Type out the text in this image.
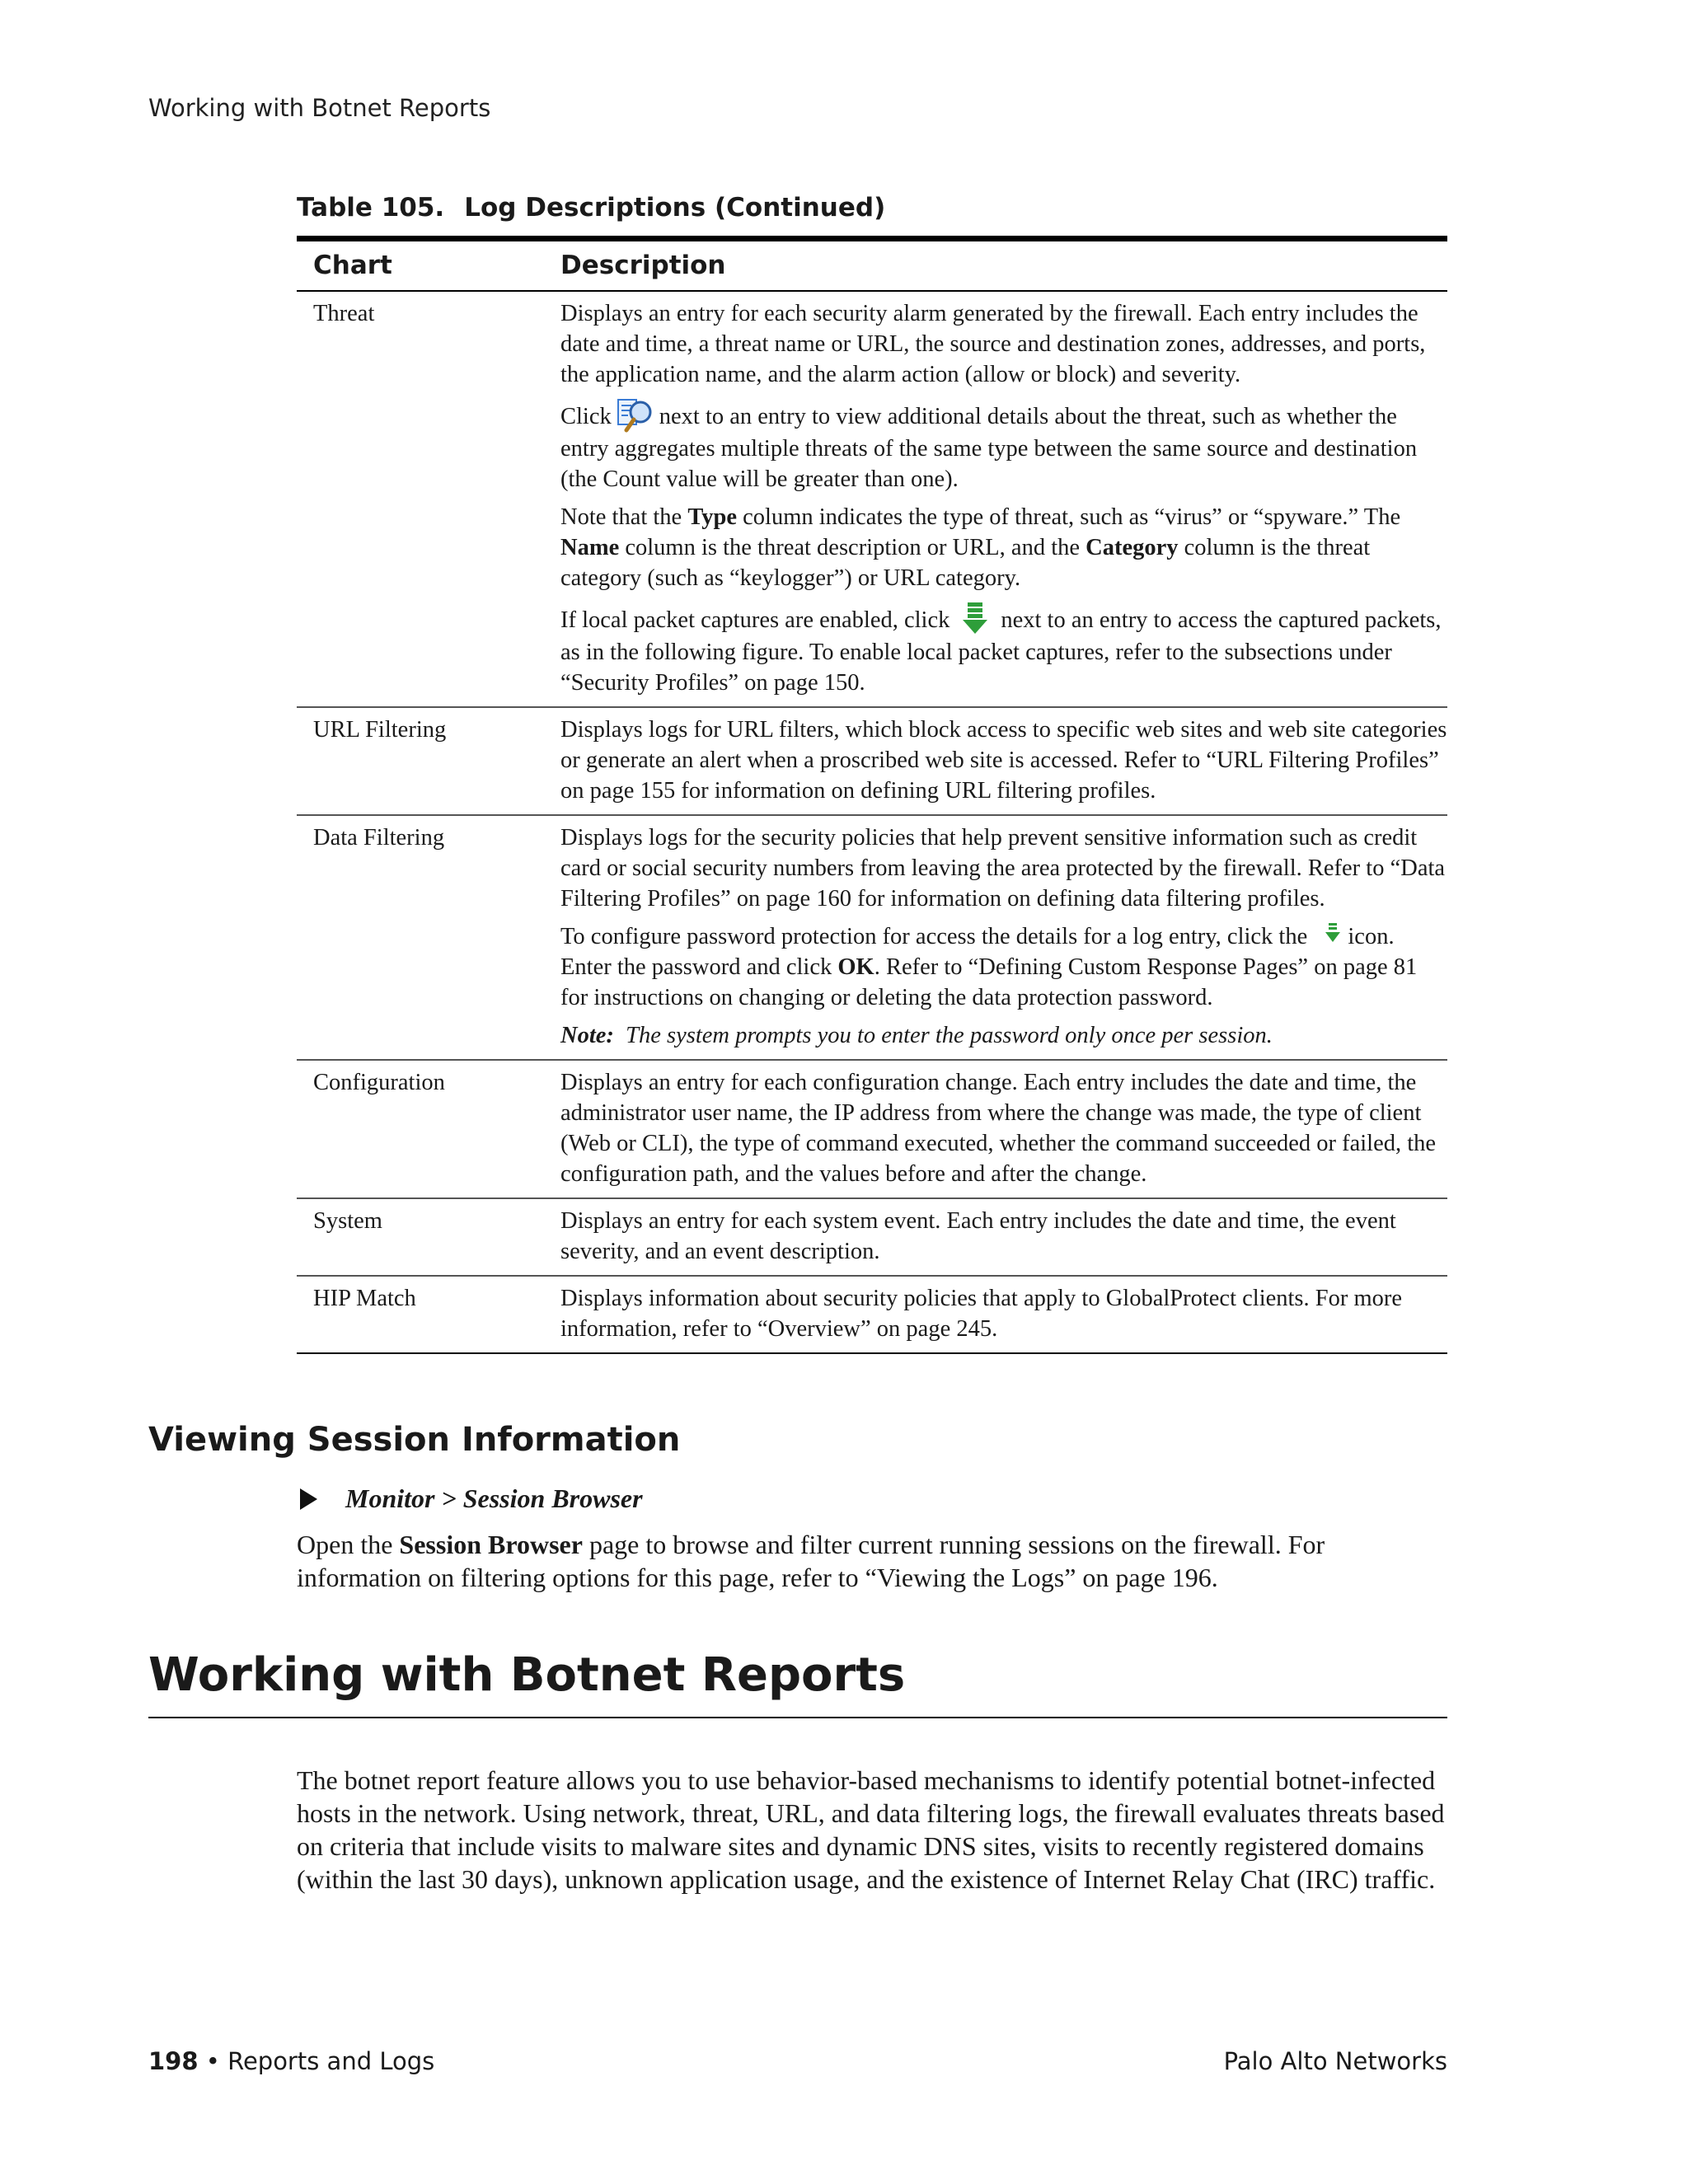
Working with Botnet Reports
Table 105. Log Descriptions (Continued)
Chart	Description
Threat	Displays an entry for each security alarm generated by the firewall. Each entry includes the date and time, a threat name or URL, the source and destination zones, addresses, and ports, the application name, and the alarm action (allow or block) and severity.
Click next to an entry to view additional details about the threat, such as whether the entry aggregates multiple threats of the same type between the same source and destination (the Count value will be greater than one).
Note that the Type column indicates the type of threat, such as “virus” or “spyware.” The Name column is the threat description or URL, and the Category column is the threat category (such as “keylogger”) or URL category.
If local packet captures are enabled, click next to an entry to access the captured packets, as in the following figure. To enable local packet captures, refer to the subsections under “Security Profiles” on page 150.

URL Filtering	Displays logs for URL filters, which block access to specific web sites and web site categories or generate an alert when a proscribed web site is accessed. Refer to “URL Filtering Profiles” on page 155 for information on defining URL filtering profiles.

Data Filtering	Displays logs for the security policies that help prevent sensitive information such as credit card or social security numbers from leaving the area protected by the firewall. Refer to “Data Filtering Profiles” on page 160 for information on defining data filtering profiles.
To configure password protection for access the details for a log entry, click the icon. Enter the password and click OK. Refer to “Defining Custom Response Pages” on page 81 for instructions on changing or deleting the data protection password.
Note: The system prompts you to enter the password only once per session.

Configuration	Displays an entry for each configuration change. Each entry includes the date and time, the administrator user name, the IP address from where the change was made, the type of client (Web or CLI), the type of command executed, whether the command succeeded or failed, the configuration path, and the values before and after the change.

System	Displays an entry for each system event. Each entry includes the date and time, the event severity, and an event description.

HIP Match	Displays information about security policies that apply to GlobalProtect clients. For more information, refer to “Overview” on page 245.
Viewing Session Information
Monitor > Session Browser
Open the Session Browser page to browse and filter current running sessions on the firewall. For information on filtering options for this page, refer to “Viewing the Logs” on page 196.
Working with Botnet Reports
The botnet report feature allows you to use behavior-based mechanisms to identify potential botnet-infected hosts in the network. Using network, threat, URL, and data filtering logs, the firewall evaluates threats based on criteria that include visits to malware sites and dynamic DNS sites, visits to recently registered domains (within the last 30 days), unknown application usage, and the existence of Internet Relay Chat (IRC) traffic.
198 • Reports and Logs	Palo Alto Networks
